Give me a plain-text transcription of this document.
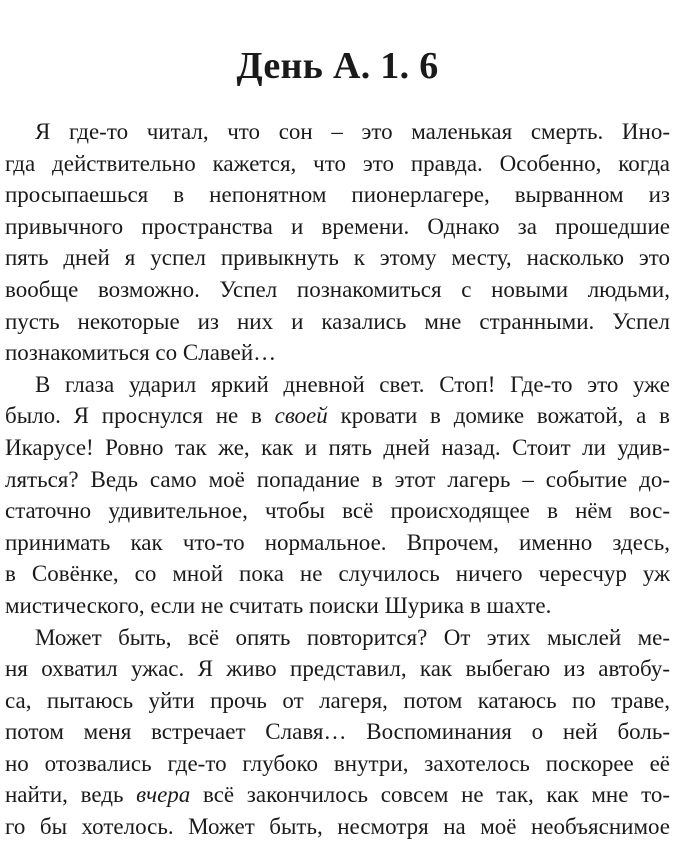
День А. 1. 6
Я где-то читал, что сон – это маленькая смерть. Ино-
гда действительно кажется, что это правда. Особенно, когда
просыпаешься в непонятном пионерлагере, вырванном из
привычного пространства и времени. Однако за прошедшие
пять дней я успел привыкнуть к этому месту, насколько это
вообще возможно. Успел познакомиться с новыми людьми,
пусть некоторые из них и казались мне странными. Успел
познакомиться со Славей…
В глаза ударил яркий дневной свет. Стоп! Где-то это уже
было. Я проснулся не в своей кровати в домике вожатой, а в
Икарусе! Ровно так же, как и пять дней назад. Стоит ли удив-
ляться? Ведь само моё попадание в этот лагерь – событие до-
статочно удивительное, чтобы всё происходящее в нём вос-
принимать как что-то нормальное. Впрочем, именно здесь,
в Совёнке, со мной пока не случилось ничего чересчур уж
мистического, если не считать поиски Шурика в шахте.
Может быть, всё опять повторится? От этих мыслей ме-
ня охватил ужас. Я живо представил, как выбегаю из автобу-
са, пытаюсь уйти прочь от лагеря, потом катаюсь по траве,
потом меня встречает Славя… Воспоминания о ней боль-
но отозвались где-то глубоко внутри, захотелось поскорее её
найти, ведь вчера всё закончилось совсем не так, как мне то-
го бы хотелось. Может быть, несмотря на моё необъяснимое
